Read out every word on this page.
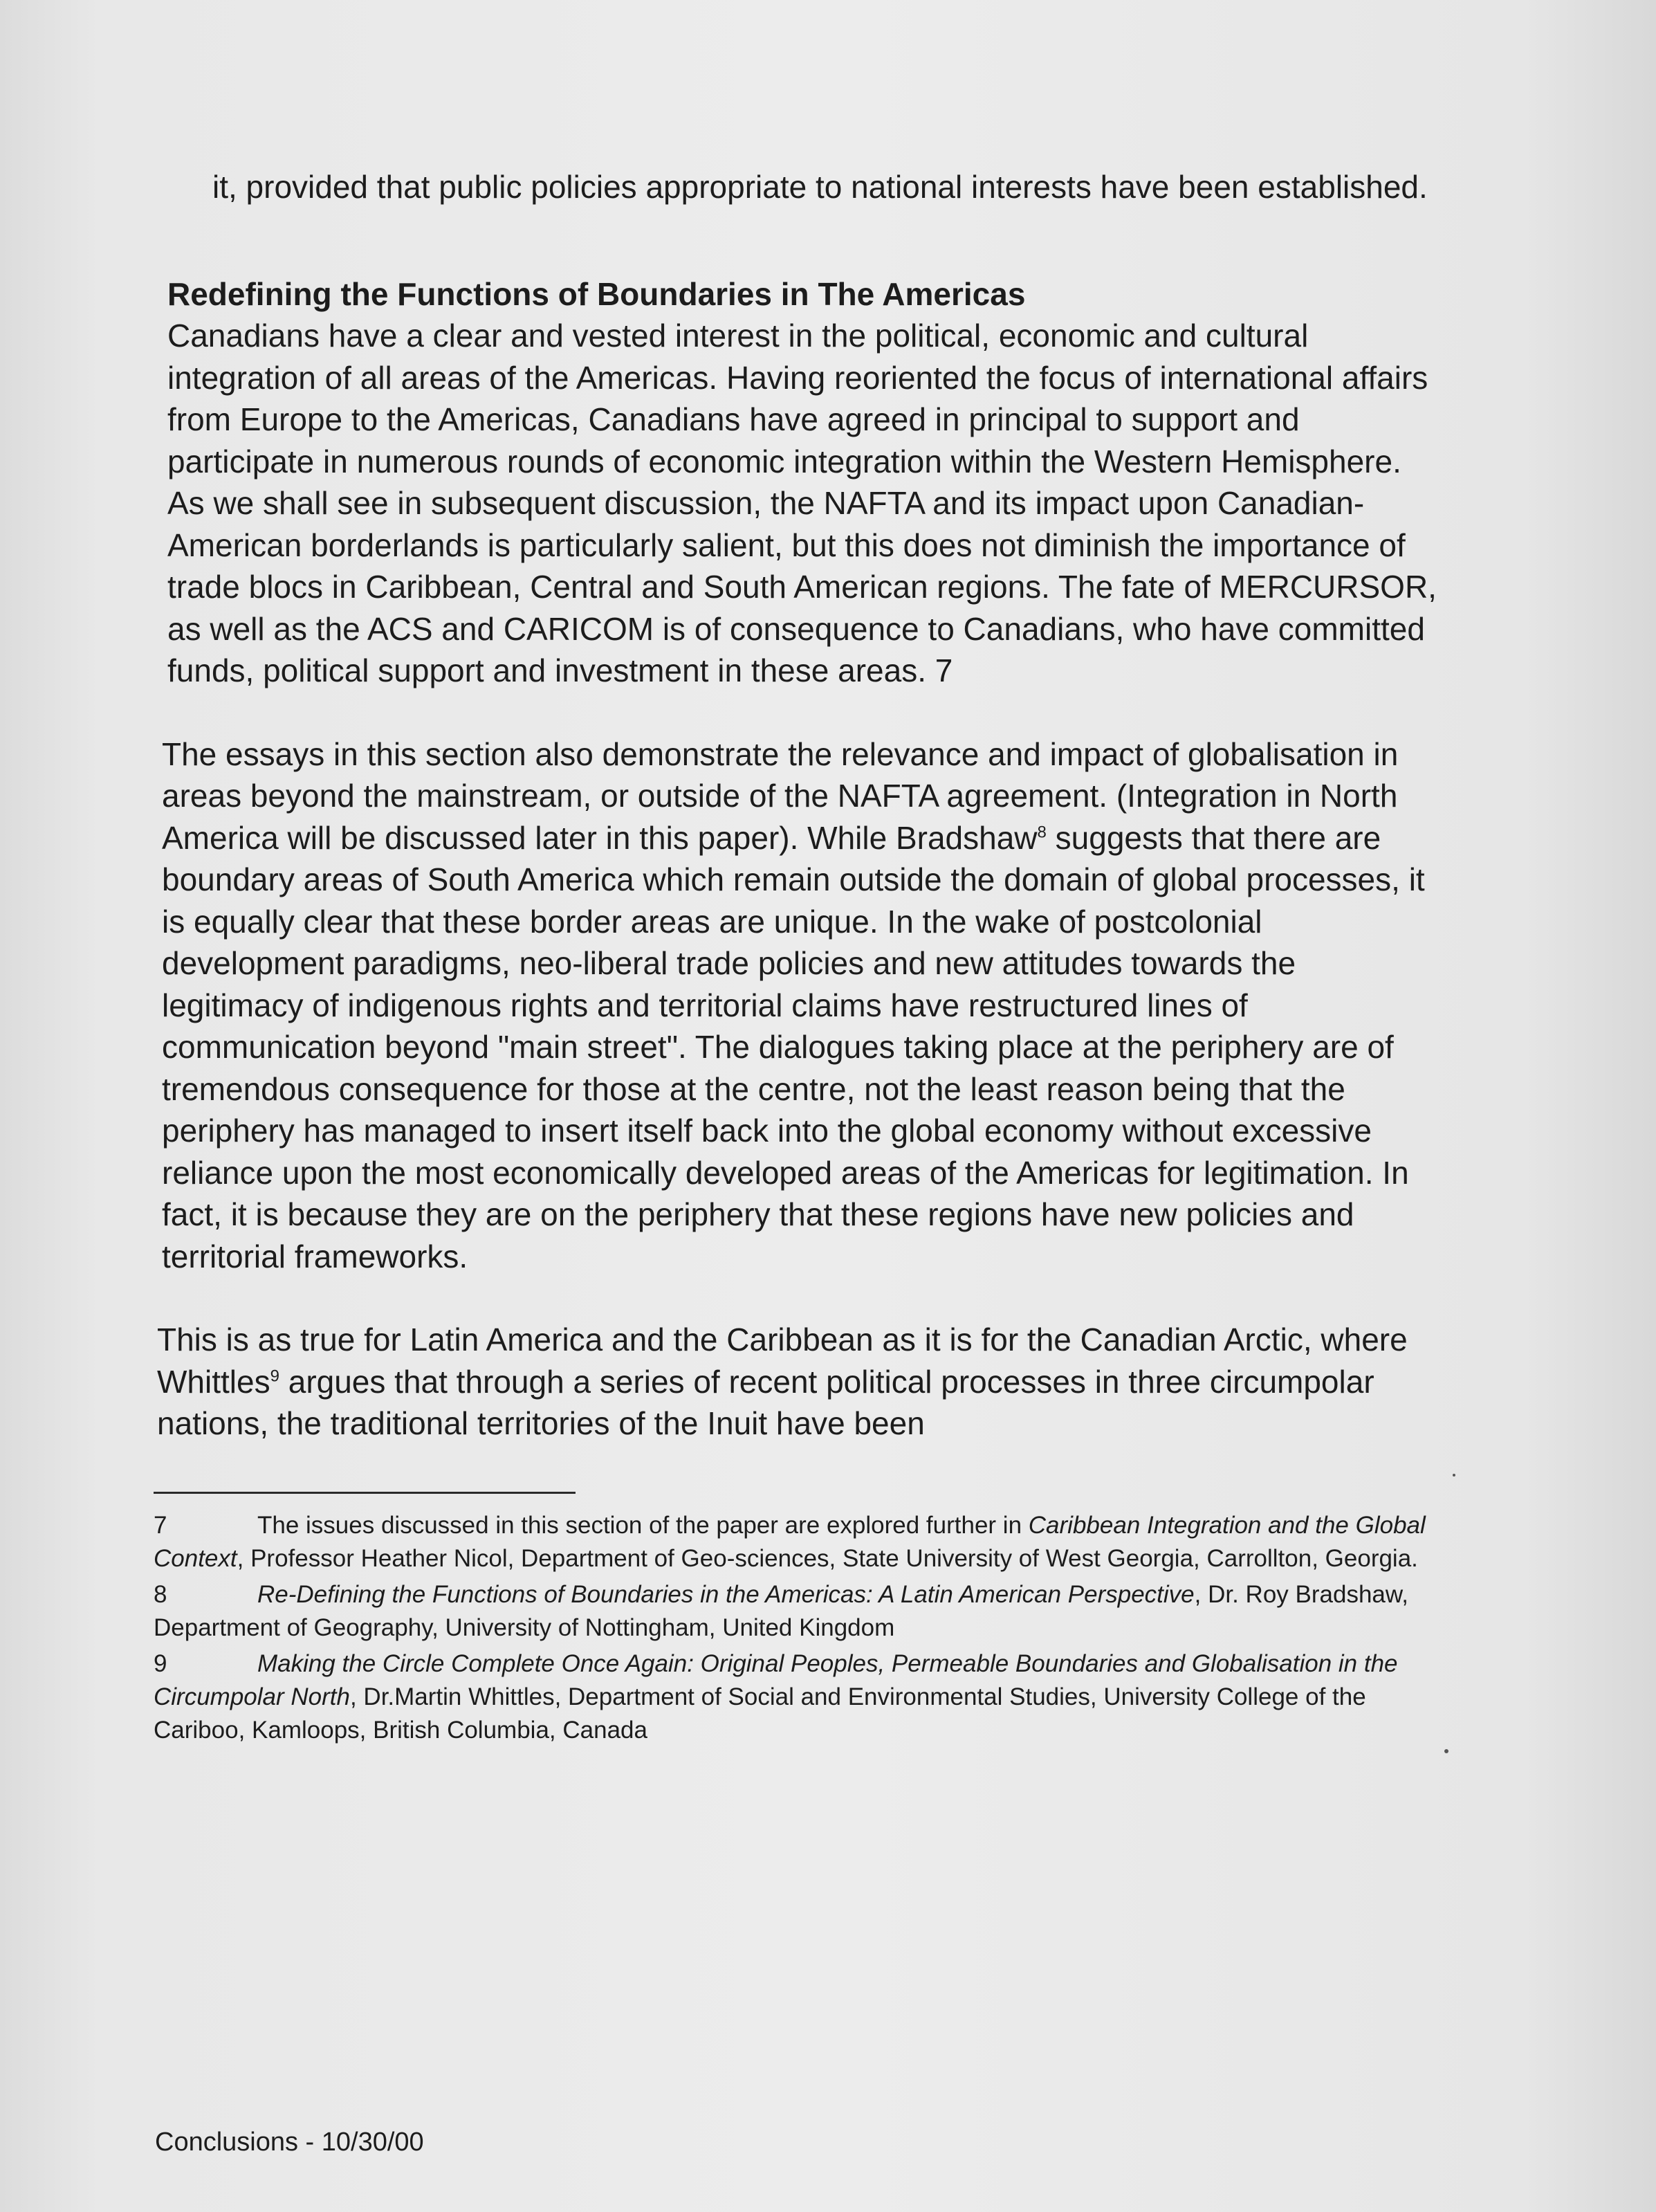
it, provided that public policies appropriate to national interests have been established.

Redefining the Functions of Boundaries in The Americas

Canadians have a clear and vested interest in the political, economic and cultural integration of all areas of the Americas. Having reoriented the focus of international affairs from Europe to the Americas, Canadians have agreed in principal to support and participate in numerous rounds of economic integration within the Western Hemisphere. As we shall see in subsequent discussion, the NAFTA and its impact upon Canadian-American borderlands is particularly salient, but this does not diminish the importance of trade blocs in Caribbean, Central and South American regions. The fate of MERCURSOR, as well as the ACS and CARICOM is of consequence to Canadians, who have committed funds, political support and investment in these areas. 7

The essays in this section also demonstrate the relevance and impact of globalisation in areas beyond the mainstream, or outside of the NAFTA agreement. (Integration in North America will be discussed later in this paper). While Bradshaw$^8$ suggests that there are boundary areas of South America which remain outside the domain of global processes, it is equally clear that these border areas are unique. In the wake of postcolonial development paradigms, neo-liberal trade policies and new attitudes towards the legitimacy of indigenous rights and territorial claims have restructured lines of communication beyond "main street". The dialogues taking place at the periphery are of tremendous consequence for those at the centre, not the least reason being that the periphery has managed to insert itself back into the global economy without excessive reliance upon the most economically developed areas of the Americas for legitimation. In fact, it is because they are on the periphery that these regions have new policies and territorial frameworks.

This is as true for Latin America and the Caribbean as it is for the Canadian Arctic, where Whittles$^9$ argues that through a series of recent political processes in three circumpolar nations, the traditional territories of the Inuit have been

7	The issues discussed in this section of the paper are explored further in Caribbean Integration and the Global Context, Professor Heather Nicol, Department of Geo-sciences, State University of West Georgia, Carrollton, Georgia.

8	Re-Defining the Functions of Boundaries in the Americas: A Latin American Perspective, Dr. Roy Bradshaw, Department of Geography, University of Nottingham, United Kingdom

9	Making the Circle Complete Once Again: Original Peoples, Permeable Boundaries and Globalisation in the Circumpolar North, Dr.Martin Whittles, Department of Social and Environmental Studies, University College of the Cariboo, Kamloops, British Columbia, Canada

Conclusions - 10/30/00
